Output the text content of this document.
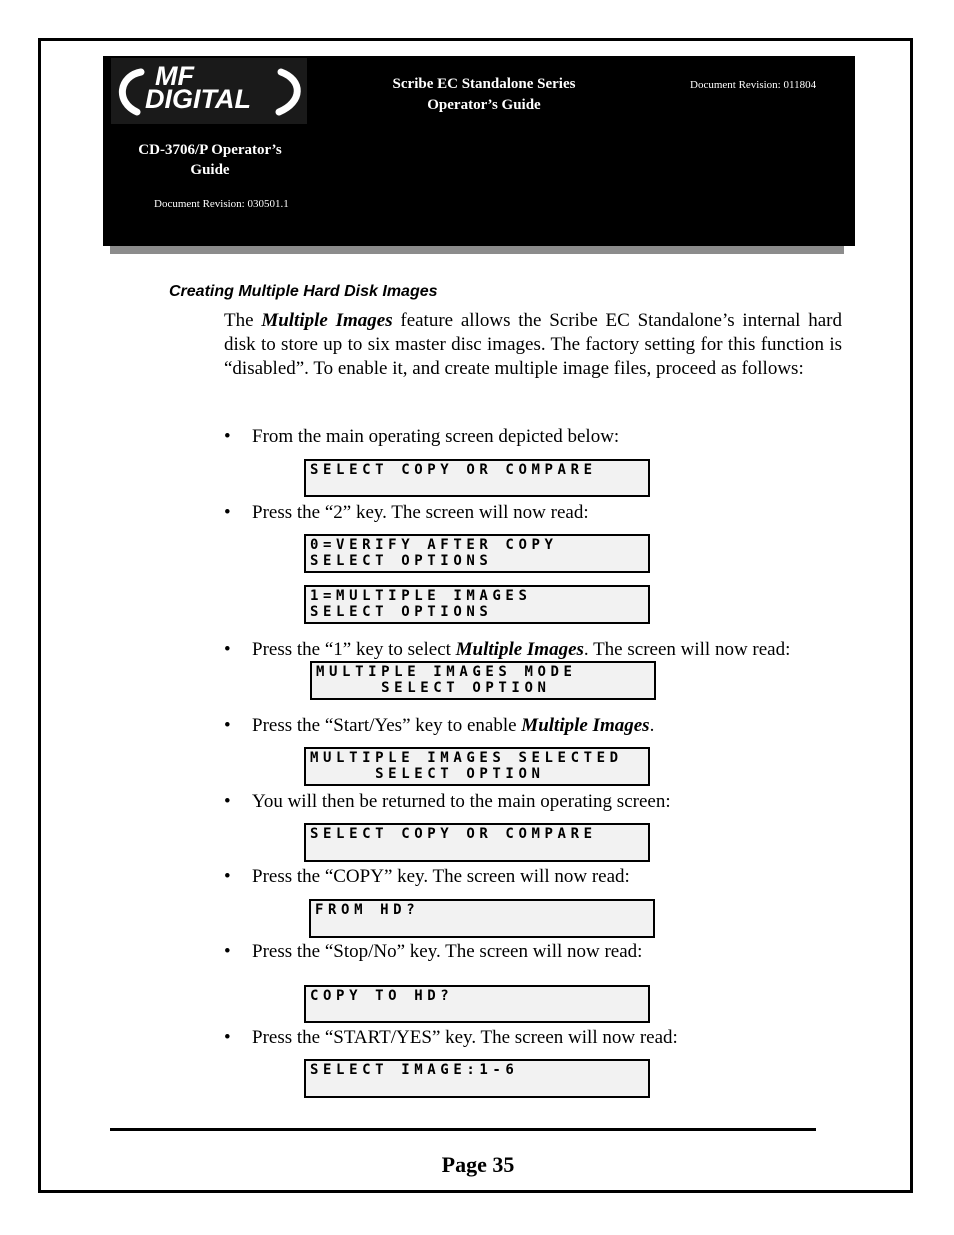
MF
DIGITAL	Scribe EC Standalone Series
Operator’s Guide
Document Revision: 011804
CD-3706/P Operator’s
Guide
Document Revision: 030501.1
Creating Multiple Hard Disk Images

The Multiple Images feature allows the Scribe EC Standalone’s internal hard disk to store up to six master disc images. The factory setting for this function is “disabled”. To enable it, and create multiple image files, proceed as follows:

• From the main operating screen depicted below:
SELECT COPY OR COMPARE
• Press the “2” key. The screen will now read:
0=VERIFY AFTER COPY
SELECT OPTIONS
1=MULTIPLE IMAGES
SELECT OPTIONS
• Press the “1” key to select Multiple Images. The screen will now read:
MULTIPLE IMAGES MODE
SELECT OPTION
• Press the “Start/Yes” key to enable Multiple Images.
MULTIPLE IMAGES SELECTED
SELECT OPTION
• You will then be returned to the main operating screen:
SELECT COPY OR COMPARE
• Press the “COPY” key. The screen will now read:
FROM HD?
• Press the “Stop/No” key. The screen will now read:
COPY TO HD?
• Press the “START/YES” key. The screen will now read:
SELECT IMAGE:1-6
Page 35
